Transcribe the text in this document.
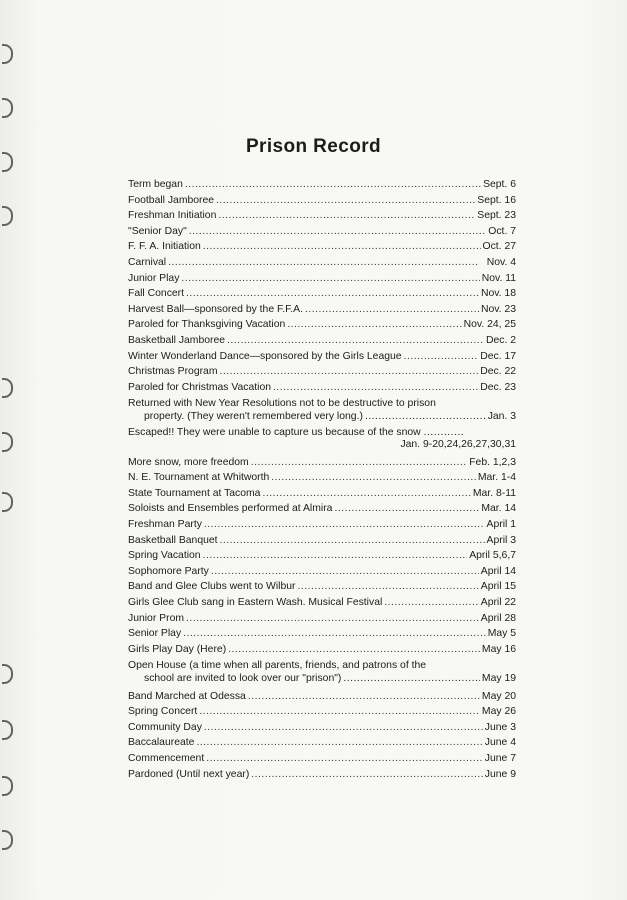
Prison Record
Term began . . .	Sept. 6
Football Jamboree . . .	Sept. 16
Freshman Initiation . . .	Sept. 23
"Senior Day" . . .	Oct. 7
F. F. A. Initiation . . .	Oct. 27
Carnival . . .	Nov. 4
Junior Play . . .	Nov. 11
Fall Concert . . .	Nov. 18
Harvest Ball—sponsored by the F.F.A. . . .	Nov. 23
Paroled for Thanksgiving Vacation . . .	Nov. 24, 25
Basketball Jamboree . . .	Dec. 2
Winter Wonderland Dance—sponsored by the Girls League . . .	Dec. 17
Christmas Program . . .	Dec. 22
Paroled for Christmas Vacation . . .	Dec. 23
Returned with New Year Resolutions not to be destructive to prison
property. (They weren't remembered very long.) . . .	Jan. 3
Escaped!! They were unable to capture us because of the snow
. . .
Jan. 9-20,24,26,27,30,31
More snow, more freedom . . .	Feb. 1,2,3
N. E. Tournament at Whitworth . . .	Mar. 1-4
State Tournament at Tacoma . . .	Mar. 8-11
Soloists and Ensembles performed at Almira . . .	Mar. 14
Freshman Party . . .	April 1
Basketball Banquet . . .	April 3
Spring Vacation . . .	April 5,6,7
Sophomore Party . . .	April 14
Band and Glee Clubs went to Wilbur . . .	April 15
Girls Glee Club sang in Eastern Wash. Musical Festival . . .	April 22
Junior Prom . . .	April 28
Senior Play . . .	May 5
Girls Play Day (Here) . . .	May 16
Open House (a time when all parents, friends, and patrons of the
school are invited to look over our "prison") . . .	May 19
Band Marched at Odessa . . .	May 20
Spring Concert . . .	May 26
Community Day . . .	June 3
Baccalaureate . . .	June 4
Commencement . . .	June 7
Pardoned (Until next year) . . .	June 9
